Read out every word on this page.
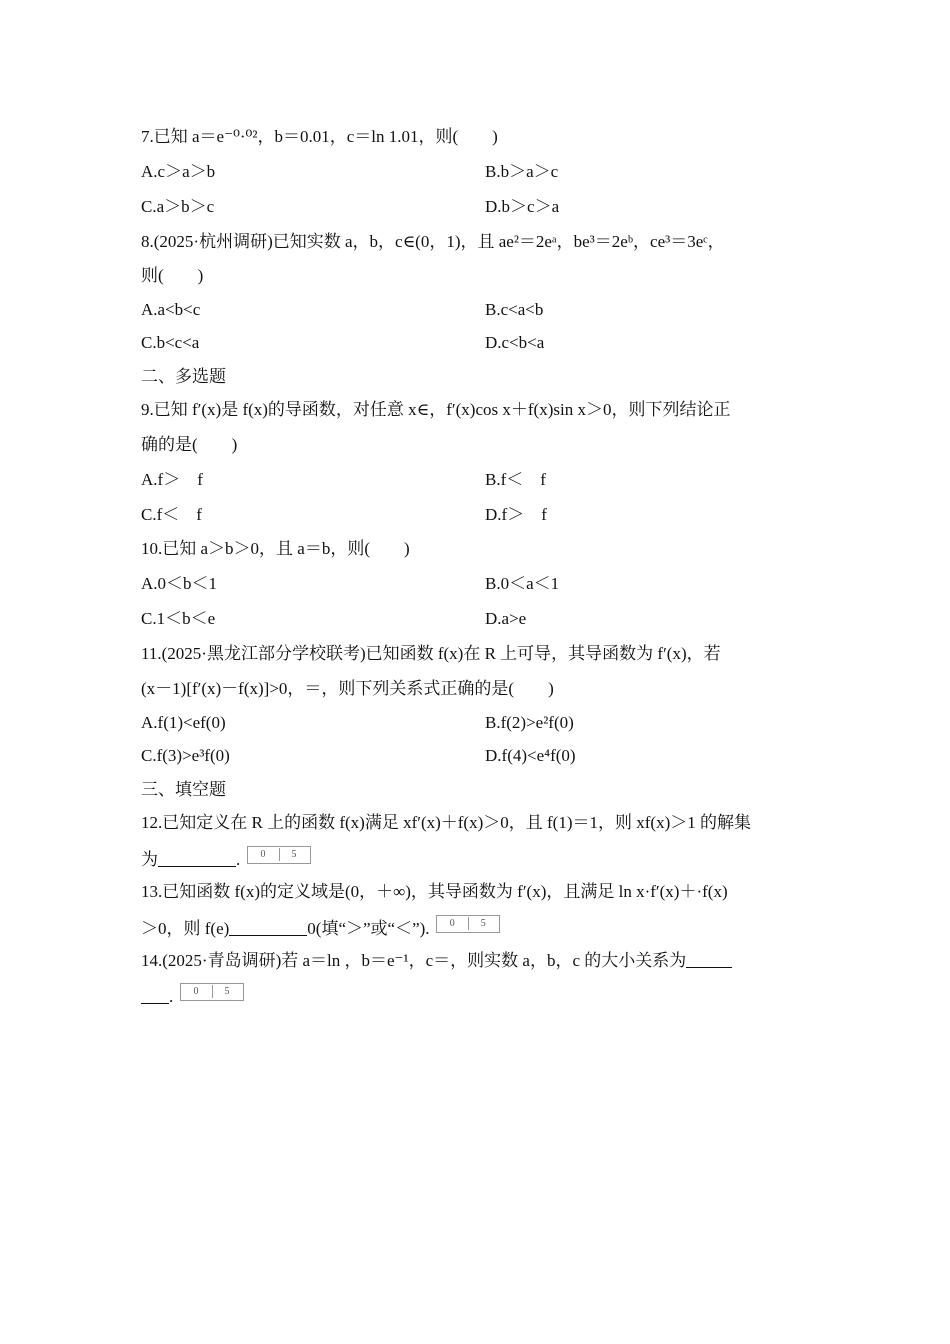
7.已知 a＝e⁻⁰·⁰²，b＝0.01，c＝ln 1.01，则(　　)
A.c＞a＞b	B.b＞a＞c
C.a＞b＞c	D.b＞c＞a
8.(2025·杭州调研)已知实数 a，b，c∈(0，1)，且 ae²＝2eᵃ，be³＝2eᵇ，ce³＝3eᶜ，
则(　　)
A.a<b<c	B.c<a<b
C.b<c<a	D.c<b<a
二、多选题
9.已知 f′(x)是 f(x)的导函数，对任意 x∈，f′(x)cos x＋f(x)sin x＞0，则下列结论正
确的是(　　)
A.f＞　f	B.f＜　f
C.f＜　f	D.f＞　f
10.已知 a＞b＞0，且 a＝b，则(　　)
A.0＜b＜1	B.0＜a＜1
C.1＜b＜e	D.a>e
11.(2025·黑龙江部分学校联考)已知函数 f(x)在 R 上可导，其导函数为 f′(x)，若
(x－1)[f′(x)－f(x)]>0，＝，则下列关系式正确的是(　　)
A.f(1)<ef(0)	B.f(2)>e²f(0)
C.f(3)>e³f(0)	D.f(4)<e⁴f(0)
三、填空题
12.已知定义在 R 上的函数 f(x)满足 xf′(x)＋f(x)＞0，且 f(1)＝1，则 xf(x)＞1 的解集
为	.	0	5
13.已知函数 f(x)的定义域是(0，＋∞)，其导函数为 f′(x)，且满足 ln x·f′(x)＋·f(x)
＞0，则 f(e)	0(填“＞”或“＜”).	0	5
14.(2025·青岛调研)若 a＝ln ，b＝e⁻¹，c＝，则实数 a，b，c 的大小关系为
.	0	5
